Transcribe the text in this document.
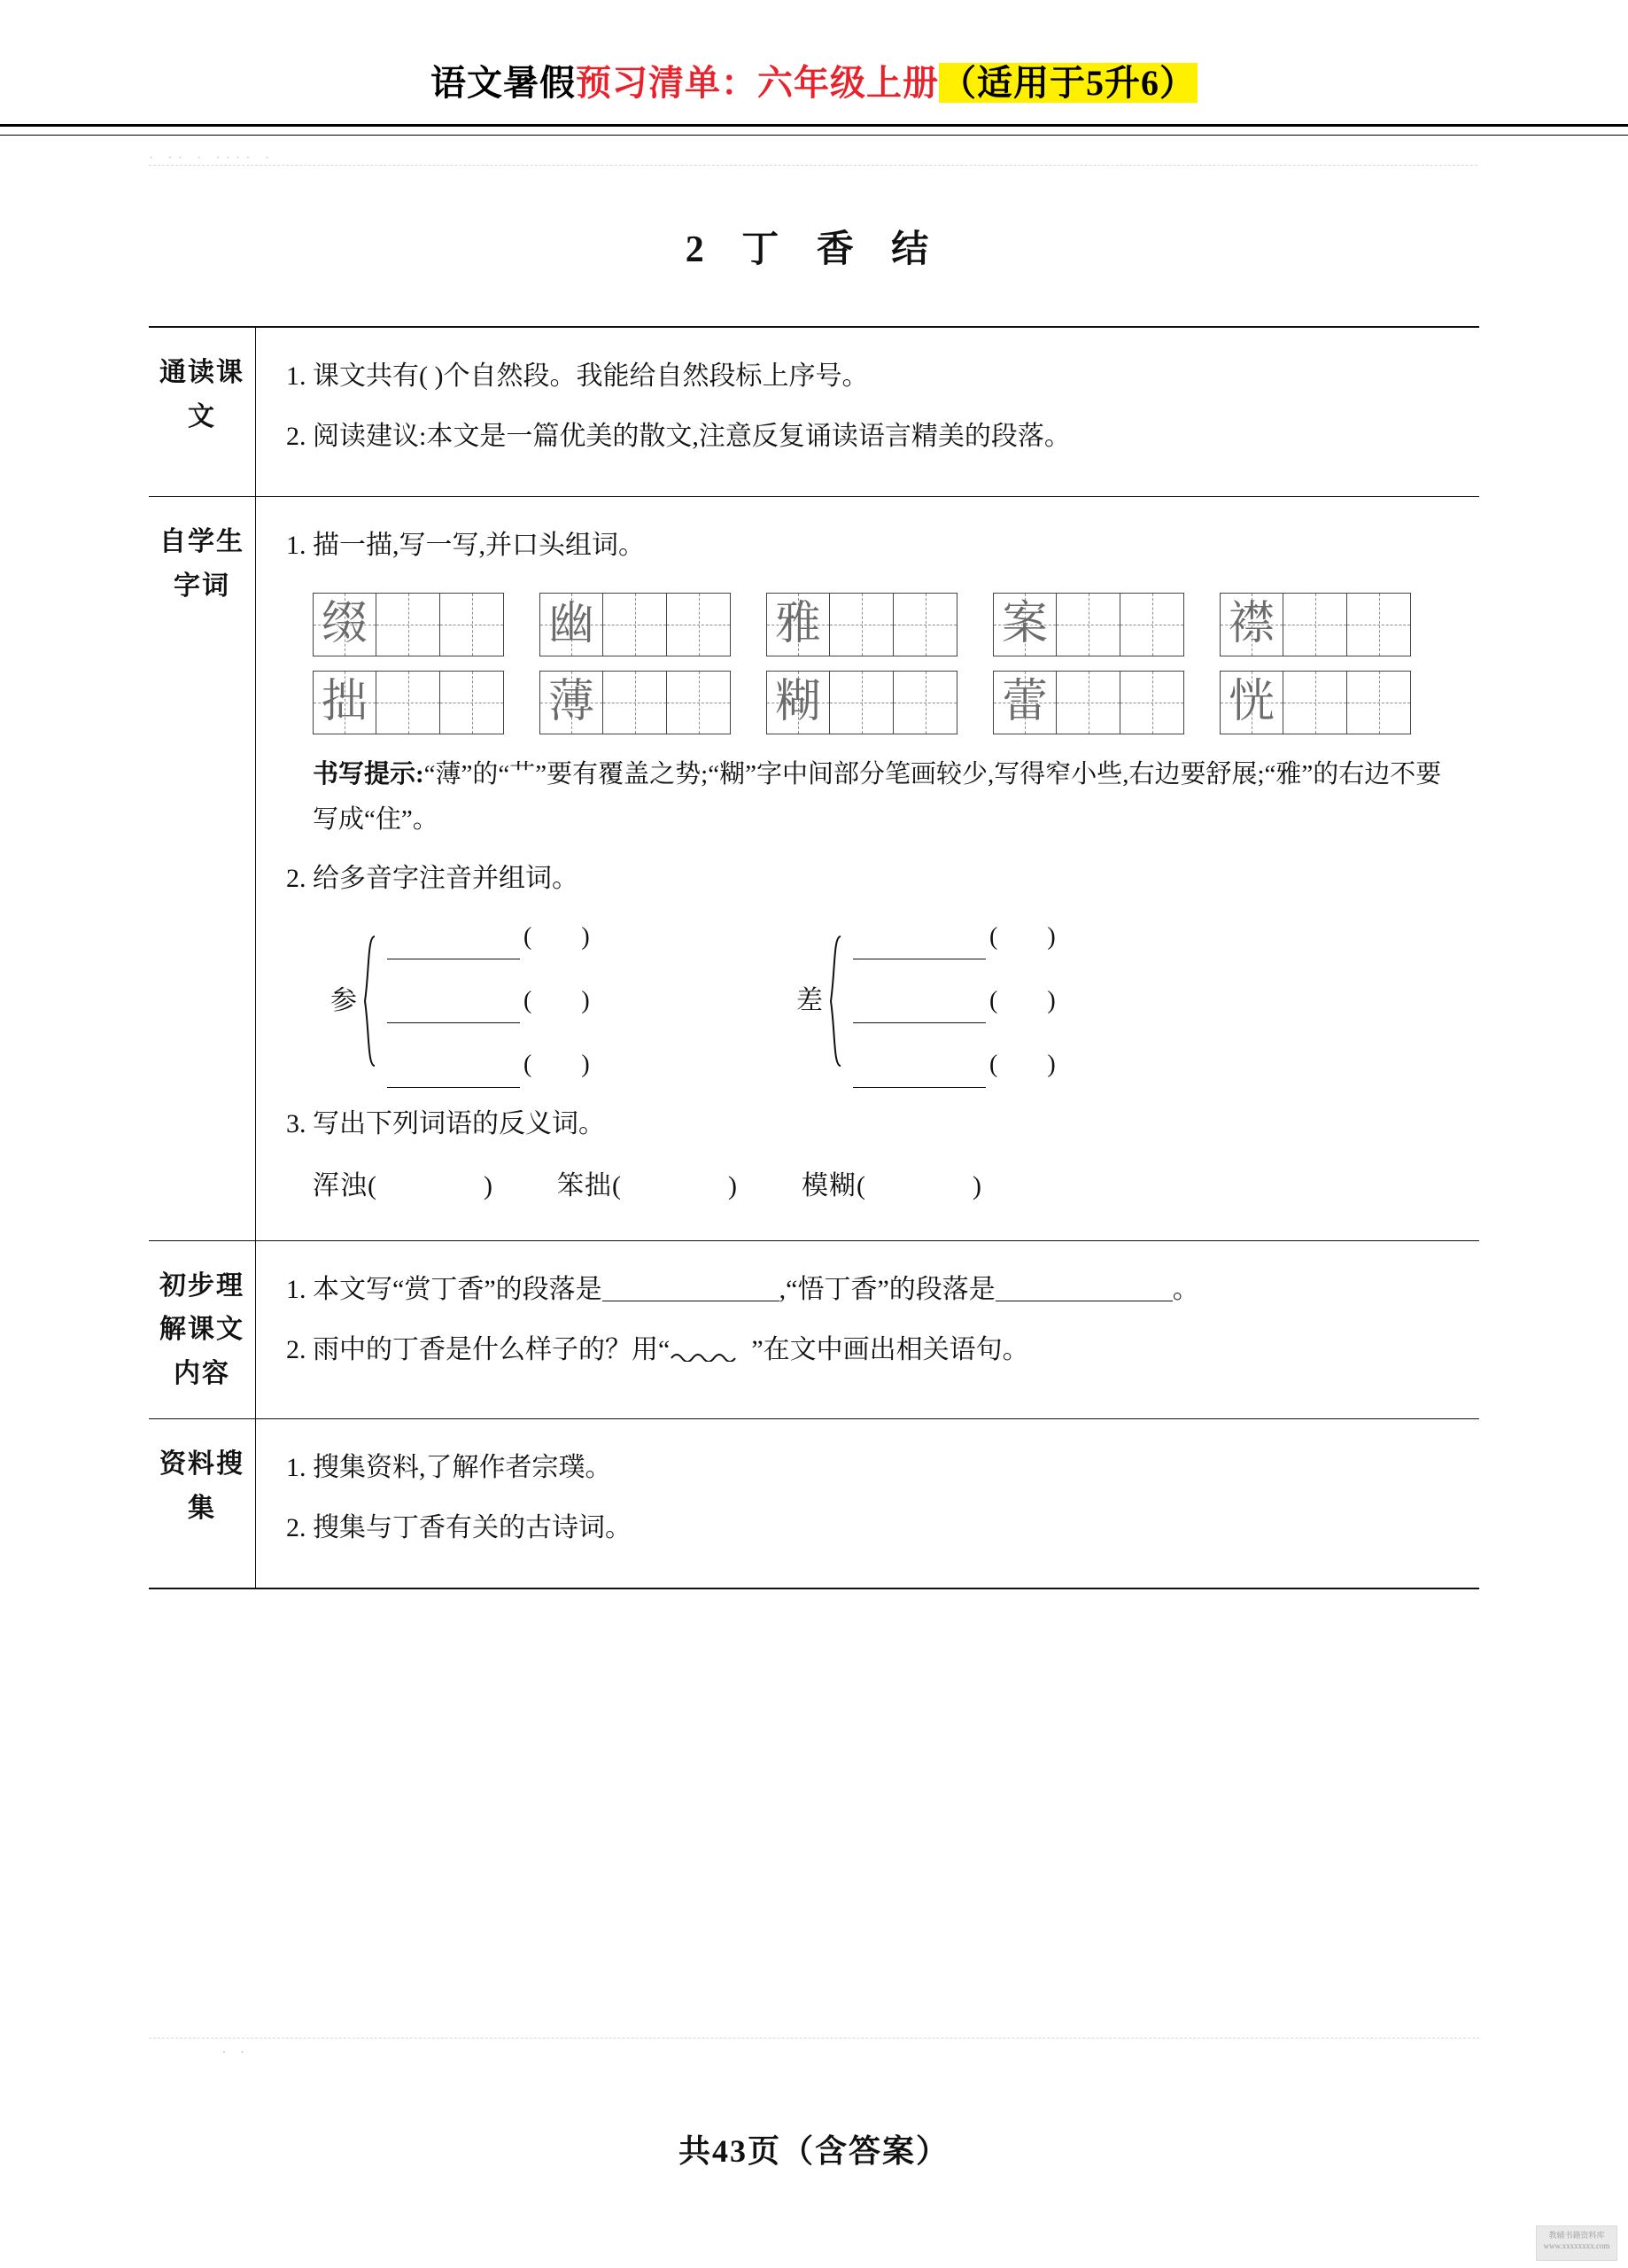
语文暑假预习清单：六年级上册（适用于5升6）
· ·· · ···· ·
2 丁 香 结
通读课文	1. 课文共有( )个自然段。我能给自然段标上序号。
2. 阅读建议:本文是一篇优美的散文,注意反复诵读语言精美的段落。

自学生字词	
1. 描一描,写一写,并口头组词。
缀	幽	雅	案	襟
拙	薄	糊	蕾	恍
书写提示:“薄”的“艹”要有覆盖之势;“糊”字中间部分笔画较少,写得窄小些,右边要舒展;“雅”的右边不要写成“住”。
2. 给多音字注音并组词。
参
(        )
(        )
(        )
差
(        )
(        )
(        )
3. 写出下列词语的反义词。
浑浊(	) 笨拙(	) 模糊(	)

初步理解课文内容	1. 本文写“赏丁香”的段落是 ,“悟丁香”的段落是 。
2. 雨中的丁香是什么样子的？用“ ”在文中画出相关语句。

资料搜集	1. 搜集资料,了解作者宗璞。
2. 搜集与丁香有关的古诗词。
· ·
共43页（含答案）
教辅书籍资料库
www.xxxxxxxx.com
